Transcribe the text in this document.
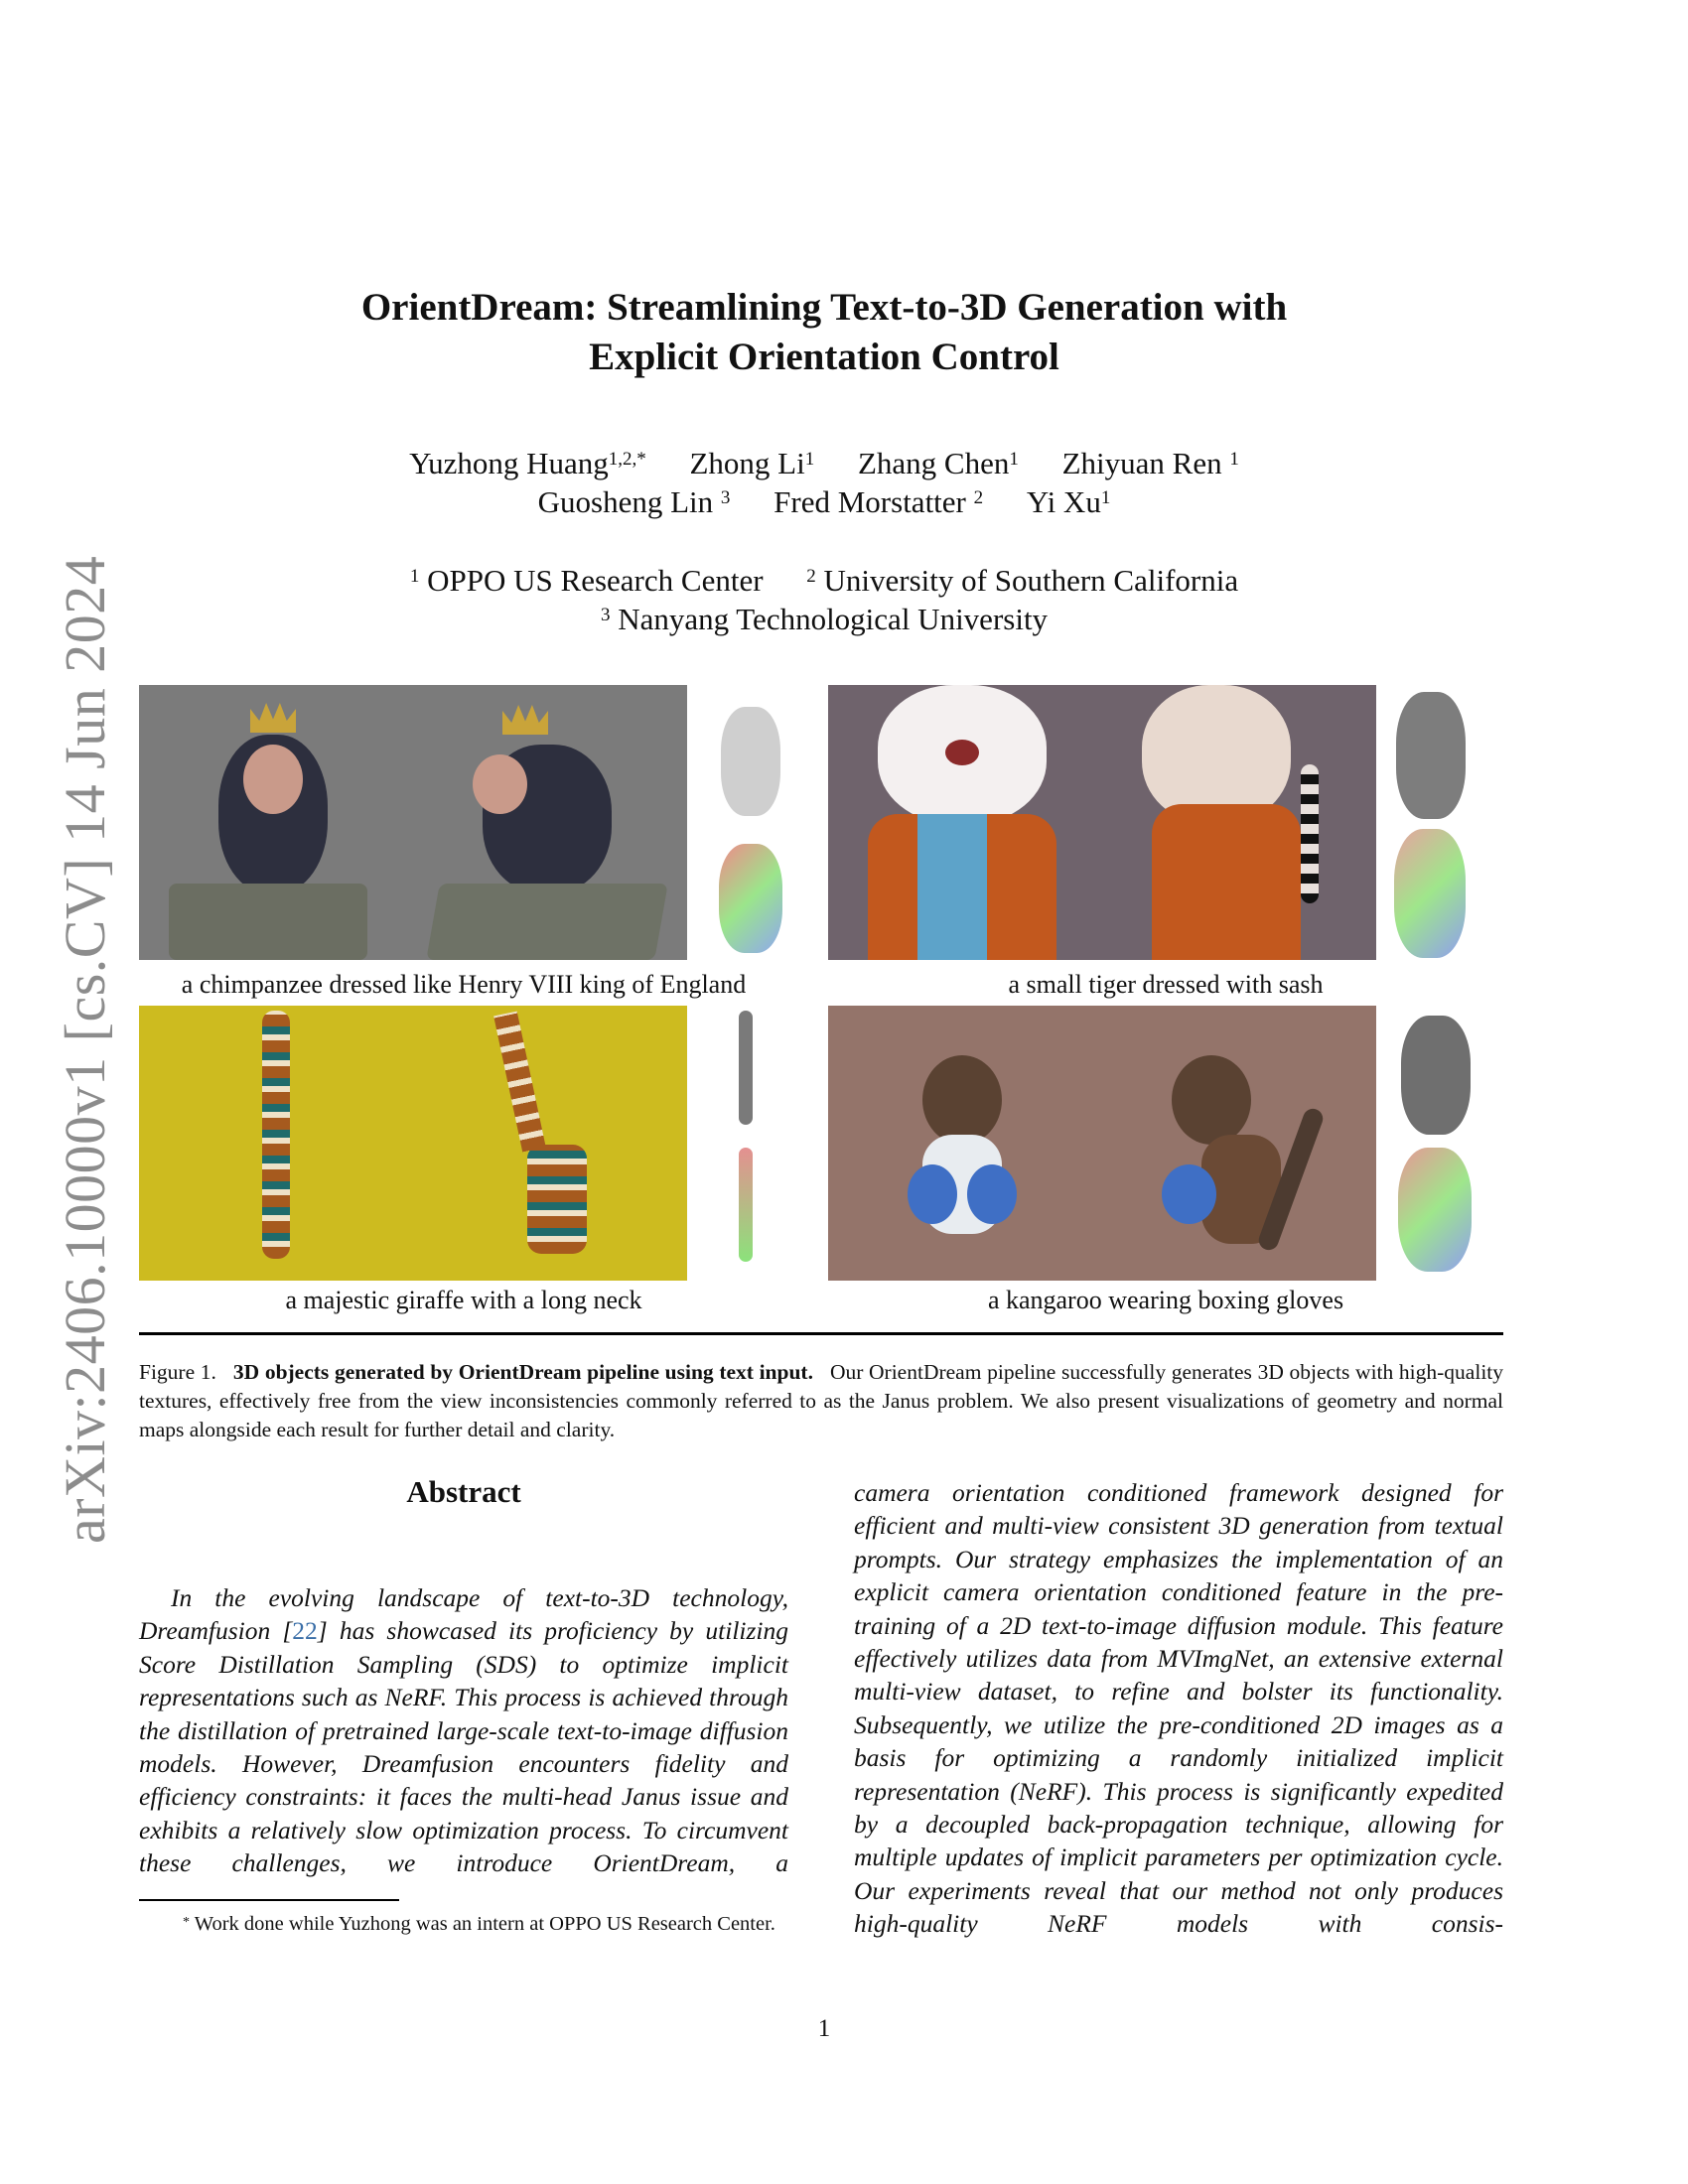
arXiv:2406.10000v1 [cs.CV] 14 Jun 2024
OrientDream: Streamlining Text-to-3D Generation with
Explicit Orientation Control
Yuzhong Huang$^{1,2,*}$ Zhong Li$^1$ Zhang Chen$^1$ Zhiyuan Ren $^1$
Guosheng Lin $^3$ Fred Morstatter $^2$ Yi Xu$^1$
$^1$ OPPO US Research Center $^2$ University of Southern California
$^3$ Nanyang Technological University
a chimpanzee dressed like Henry VIII king of England	a small tiger dressed with sash
a majestic giraffe with a long neck	a kangaroo wearing boxing gloves
Figure 1. 3D objects generated by OrientDream pipeline using text input. Our OrientDream pipeline successfully generates 3D objects with high-quality textures, effectively free from the view inconsistencies commonly referred to as the Janus problem. We also present visualizations of geometry and normal maps alongside each result for further detail and clarity.
Abstract
In the evolving landscape of text-to-3D technology, Dreamfusion [22] has showcased its proficiency by utilizing Score Distillation Sampling (SDS) to optimize implicit representations such as NeRF. This process is achieved through the distillation of pretrained large-scale text-to-image diffusion models. However, Dreamfusion encounters fidelity and efficiency constraints: it faces the multi-head Janus issue and exhibits a relatively slow optimization process. To circumvent these challenges, we introduce OrientDream, a
camera orientation conditioned framework designed for efficient and multi-view consistent 3D generation from textual prompts. Our strategy emphasizes the implementation of an explicit camera orientation conditioned feature in the pre-training of a 2D text-to-image diffusion module. This feature effectively utilizes data from MVImgNet, an extensive external multi-view dataset, to refine and bolster its functionality. Subsequently, we utilize the pre-conditioned 2D images as a basis for optimizing a randomly initialized implicit representation (NeRF). This process is significantly expedited by a decoupled back-propagation technique, allowing for multiple updates of implicit parameters per optimization cycle. Our experiments reveal that our method not only produces high-quality NeRF models with consis-
* Work done while Yuzhong was an intern at OPPO US Research Center.
1
